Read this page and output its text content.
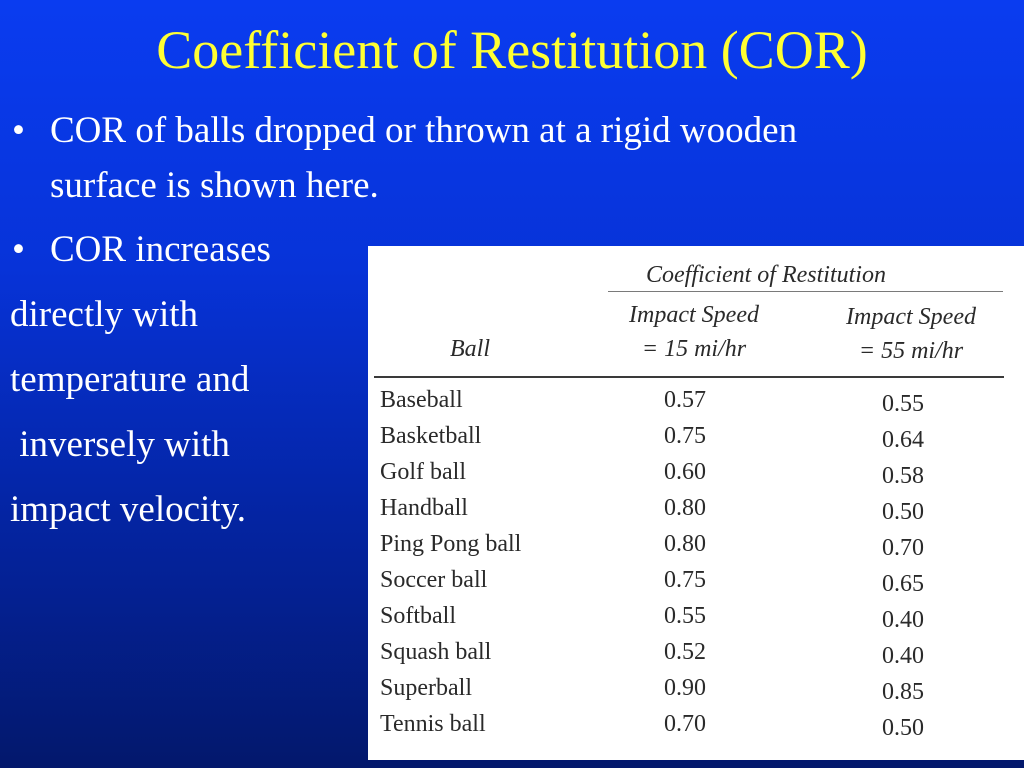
Coefficient of Restitution (COR)
• COR of balls dropped or thrown at a rigid wooden
surface is shown here.
• COR increases
directly with
temperature and
inversely with
impact velocity.
Coefficient of Restitution
Ball
Impact Speed
= 15 mi/hr
Impact Speed
= 55 mi/hr
Baseball	0.57	0.55
Basketball	0.75	0.64
Golf ball	0.60	0.58
Handball	0.80	0.50
Ping Pong ball	0.80	0.70
Soccer ball	0.75	0.65
Softball	0.55	0.40
Squash ball	0.52	0.40
Superball	0.90	0.85
Tennis ball	0.70	0.50
